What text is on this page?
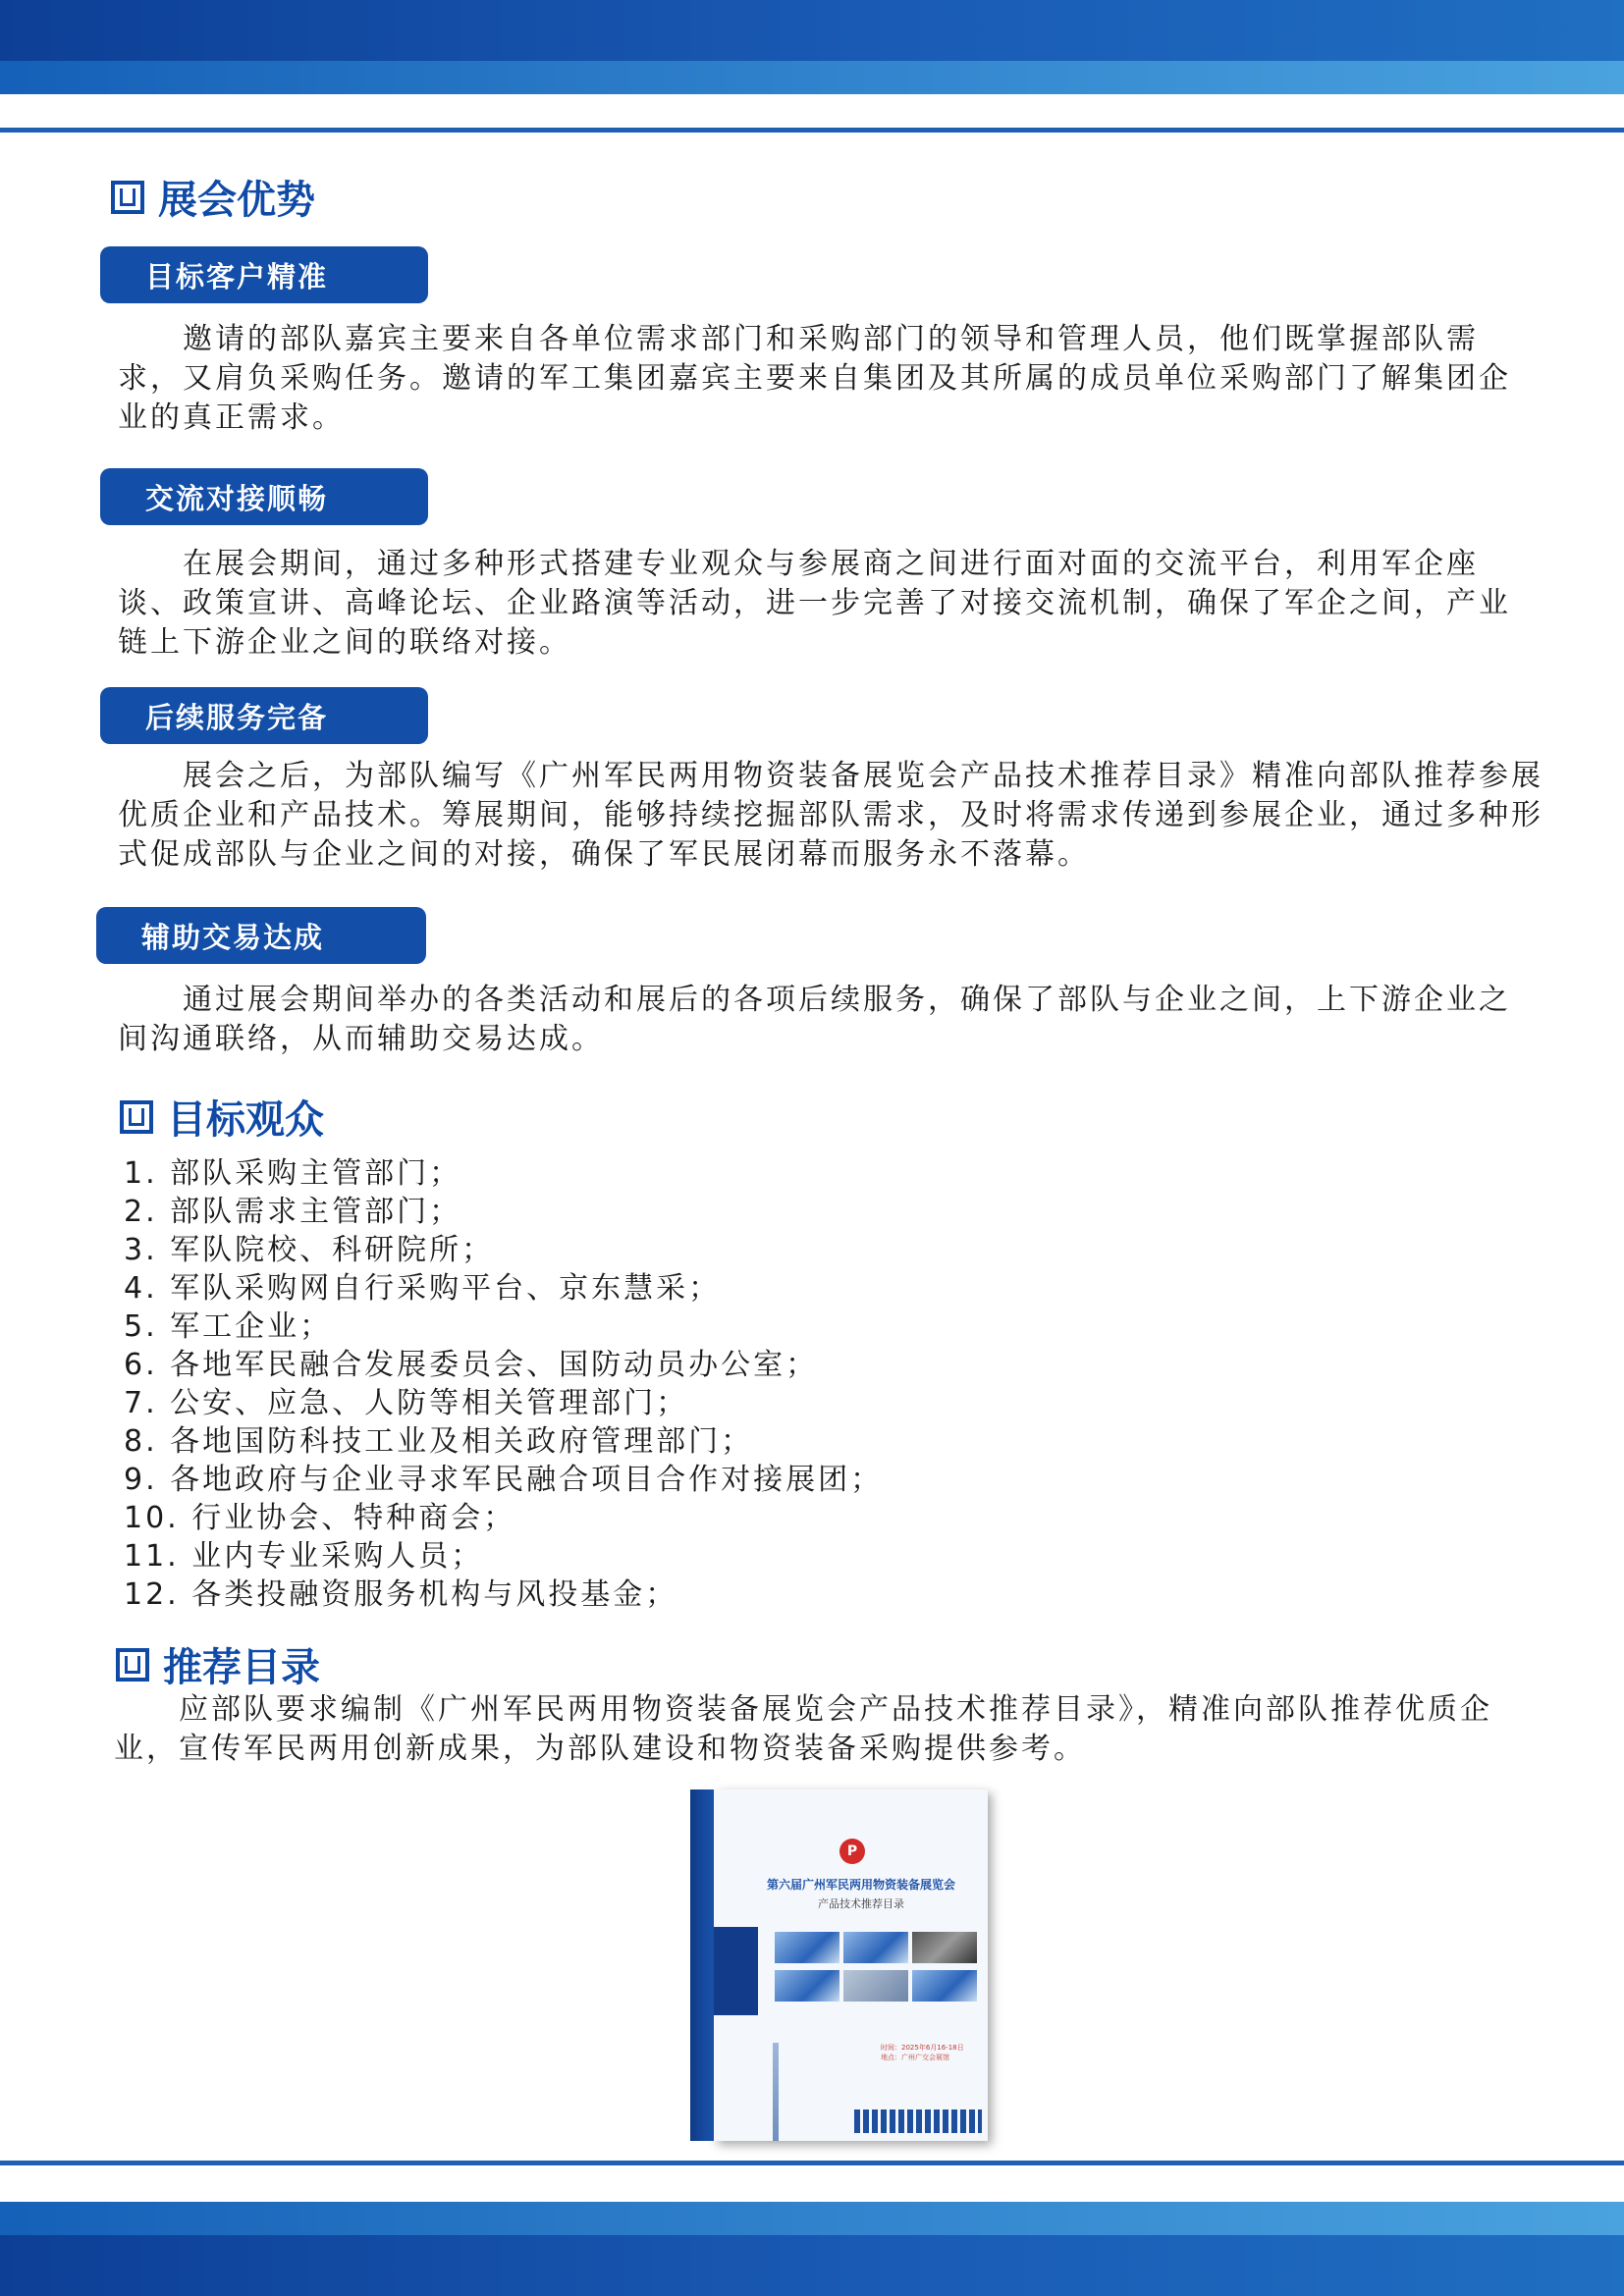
展会优势
目标客户精准
　　邀请的部队嘉宾主要来自各单位需求部门和采购部门的领导和管理人员，他们既掌握部队需求，又肩负采购任务。邀请的军工集团嘉宾主要来自集团及其所属的成员单位采购部门了解集团企业的真正需求。
交流对接顺畅
　　在展会期间，通过多种形式搭建专业观众与参展商之间进行面对面的交流平台，利用军企座谈、政策宣讲、高峰论坛、企业路演等活动，进一步完善了对接交流机制，确保了军企之间，产业链上下游企业之间的联络对接。
后续服务完备
　　展会之后，为部队编写《广州军民两用物资装备展览会产品技术推荐目录》精准向部队推荐参展优质企业和产品技术。筹展期间，能够持续挖掘部队需求，及时将需求传递到参展企业，通过多种形式促成部队与企业之间的对接，确保了军民展闭幕而服务永不落幕。
辅助交易达成
　　通过展会期间举办的各类活动和展后的各项后续服务，确保了部队与企业之间，上下游企业之间沟通联络，从而辅助交易达成。
目标观众
1. 部队采购主管部门；
2. 部队需求主管部门；
3. 军队院校、科研院所；
4. 军队采购网自行采购平台、京东慧采；
5. 军工企业；
6. 各地军民融合发展委员会、国防动员办公室；
7. 公安、应急、人防等相关管理部门；
8. 各地国防科技工业及相关政府管理部门；
9. 各地政府与企业寻求军民融合项目合作对接展团；
10. 行业协会、特种商会；
11. 业内专业采购人员；
12. 各类投融资服务机构与风投基金；
推荐目录
　　应部队要求编制《广州军民两用物资装备展览会产品技术推荐目录》，精准向部队推荐优质企业，宣传军民两用创新成果，为部队建设和物资装备采购提供参考。
P
第六届广州军民两用物资装备展览会
产品技术推荐目录
时间：2025年6月16-18日
地点：广州广交会展馆
